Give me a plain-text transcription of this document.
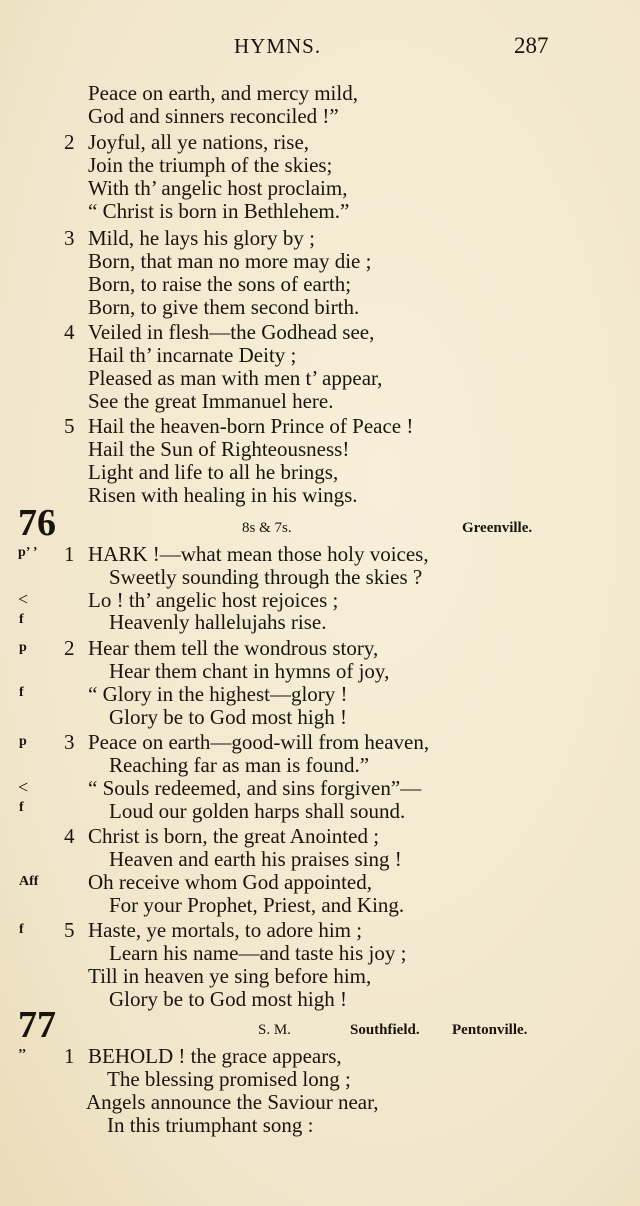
HYMNS.	287
Peace on earth, and mercy mild,
God and sinners reconciled !”
2 Joyful, all ye nations, rise,
Join the triumph of the skies;
With th’ angelic host proclaim,
“ Christ is born in Bethlehem.”
3 Mild, he lays his glory by ;
Born, that man no more may die ;
Born, to raise the sons of earth;
Born, to give them second birth.
4 Veiled in flesh—the Godhead see,
Hail th’ incarnate Deity ;
Pleased as man with men t’ appear,
See the great Immanuel here.
5 Hail the heaven-born Prince of Peace !
Hail the Sun of Righteousness!
Light and life to all he brings,
Risen with healing in his wings.
76	8s & 7s.	Greenville.
p’ ’ 1 HARK !—what mean those holy voices,
Sweetly sounding through the skies ?
<	Lo ! th’ angelic host rejoices ;
f	Heavenly hallelujahs rise.
p 2 Hear them tell the wondrous story,
Hear them chant in hymns of joy,
f	“ Glory in the highest—glory !
Glory be to God most high !
p 3 Peace on earth—good-will from heaven,
Reaching far as man is found.”
<	“ Souls redeemed, and sins forgiven”—
f	Loud our golden harps shall sound.
4 Christ is born, the great Anointed ;
Heaven and earth his praises sing !
Aff Oh receive whom God appointed,
For your Prophet, Priest, and King.
f 5 Haste, ye mortals, to adore him ;
Learn his name—and taste his joy ;
Till in heaven ye sing before him,
Glory be to God most high !
77	S. M.	Southfield. Pentonville.
’’ 1 BEHOLD ! the grace appears,
The blessing promised long ;
Angels announce the Saviour near,
In this triumphant song :
